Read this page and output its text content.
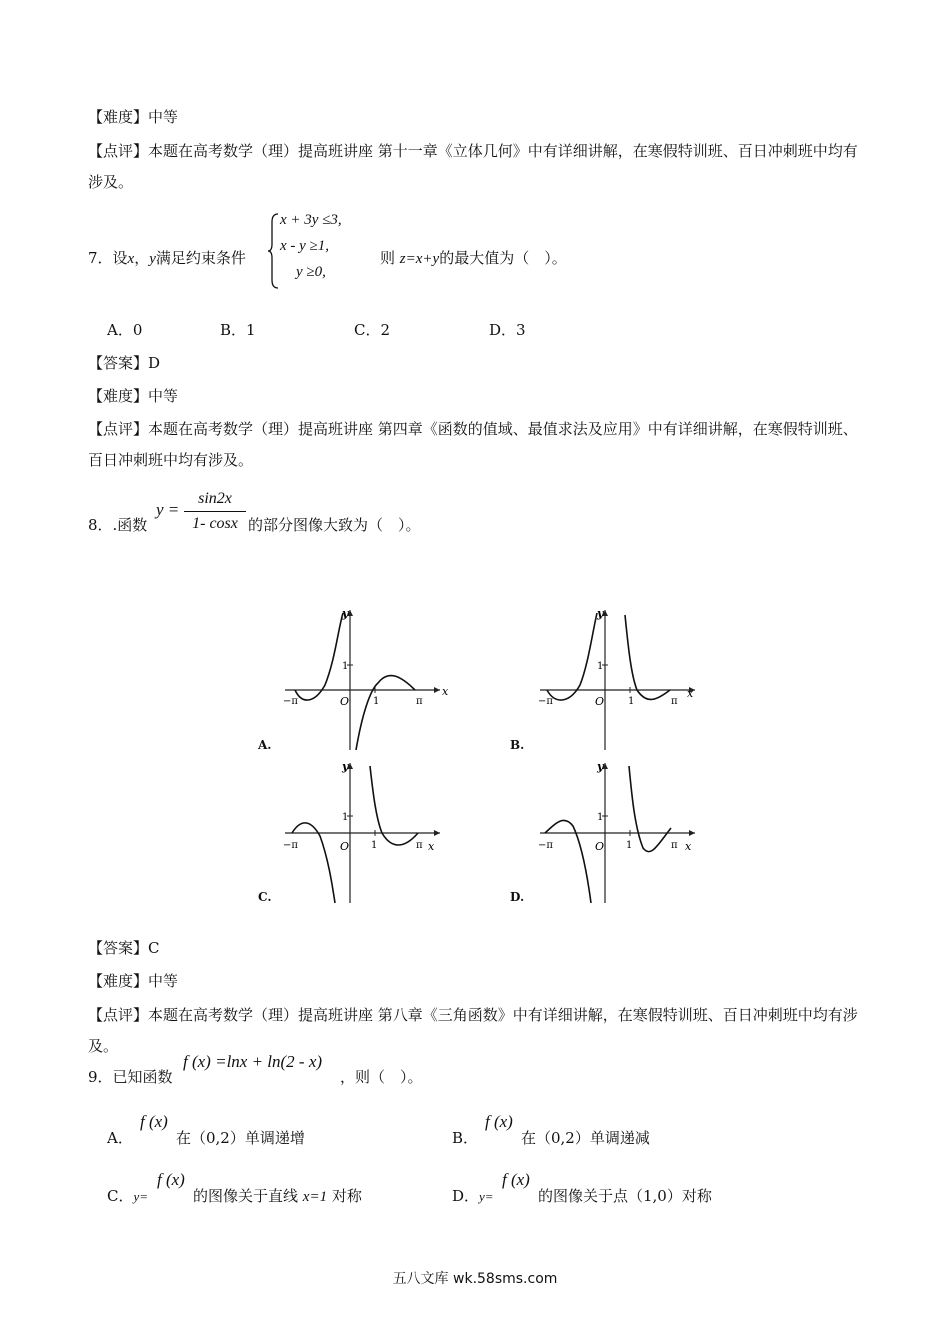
【难度】中等
【点评】本题在高考数学（理）提高班讲座 第十一章《立体几何》中有详细讲解，在寒假特训班、百日冲刺班中均有涉及。
7．设x，y满足约束条件
x + 3y ≤3,
x - y ≥1,
y ≥0,
则 z=x+y的最大值为（　）。
A．0	B．1	C．2	D．3
【答案】D
【难度】中等
【点评】本题在高考数学（理）提高班讲座 第四章《函数的值域、最值求法及应用》中有详细讲解，在寒假特训班、百日冲刺班中均有涉及。
8．.函数
y =
sin2x
1- cosx 的部分图像大致为（　）。
y
x
O
1
1	π
−π
A.
y
x
O
1
1	π
−π
B.
y
x
O
1
1	π
−π
C.
y
x
O
1
1	π
−π
D.
【答案】C
【难度】中等
【点评】本题在高考数学（理）提高班讲座 第八章《三角函数》中有详细讲解，在寒假特训班、百日冲刺班中均有涉及。
9．已知函数
f (x) =lnx + ln(2 - x)
，则（　）。
A．
f (x)
在（0,2）单调递增	B．
f (x)
在（0,2）单调递减
C．y=
f (x)
的图像关于直线 x=1 对称	D．y=
f (x)
的图像关于点（1,0）对称
五八文库 wk.58sms.com
